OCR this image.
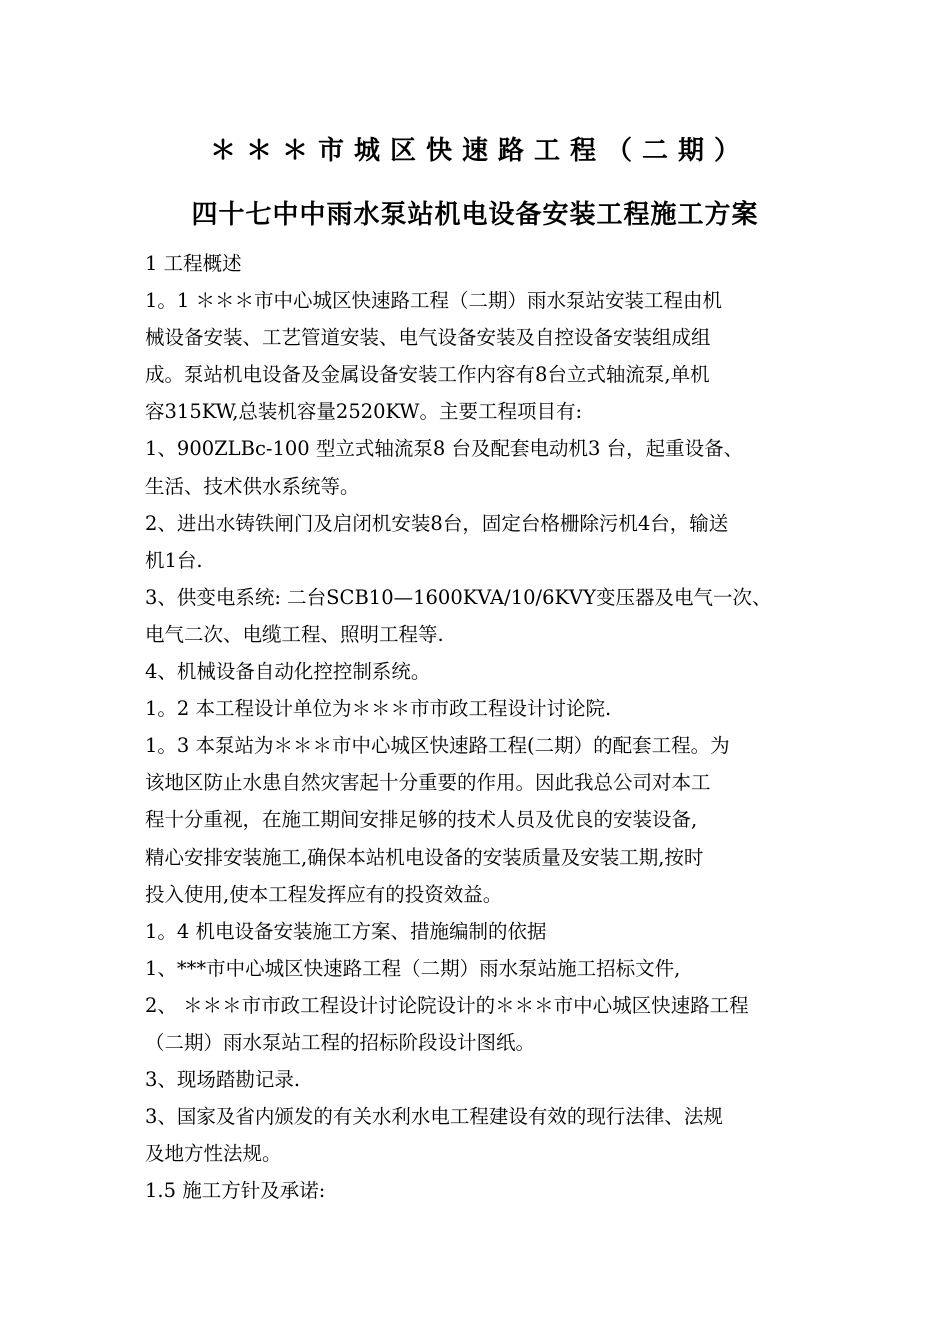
＊＊＊市城区快速路工程（二期）
四十七中中雨水泵站机电设备安装工程施工方案
1 工程概述
1。1 ＊＊＊市中心城区快速路工程（二期）雨水泵站安装工程由机
械设备安装、工艺管道安装、电气设备安装及自控设备安装组成组
成。泵站机电设备及金属设备安装工作内容有8台立式轴流泵,单机
容315KW,总装机容量2520KW。主要工程项目有:
1、900ZLBc-100 型立式轴流泵8 台及配套电动机3 台，起重设备、
生活、技术供水系统等。
2、进出水铸铁闸门及启闭机安装8台，固定台格栅除污机4台，输送
机1台.
3、供变电系统: 二台SCB10—1600KVA/10/6KVY变压器及电气一次、
电气二次、电缆工程、照明工程等.
4、机械设备自动化控控制系统。
1。2 本工程设计单位为＊＊＊市市政工程设计讨论院.
1。3 本泵站为＊＊＊市中心城区快速路工程(二期）的配套工程。为
该地区防止水患自然灾害起十分重要的作用。因此我总公司对本工
程十分重视，在施工期间安排足够的技术人员及优良的安装设备,
精心安排安装施工,确保本站机电设备的安装质量及安装工期,按时
投入使用,使本工程发挥应有的投资效益。
1。4 机电设备安装施工方案、措施编制的依据
1、***市中心城区快速路工程（二期）雨水泵站施工招标文件,
2、 ＊＊＊市市政工程设计讨论院设计的＊＊＊市中心城区快速路工程
（二期）雨水泵站工程的招标阶段设计图纸。
3、现场踏勘记录.
3、国家及省内颁发的有关水利水电工程建设有效的现行法律、法规
及地方性法规。
1.5 施工方针及承诺:
